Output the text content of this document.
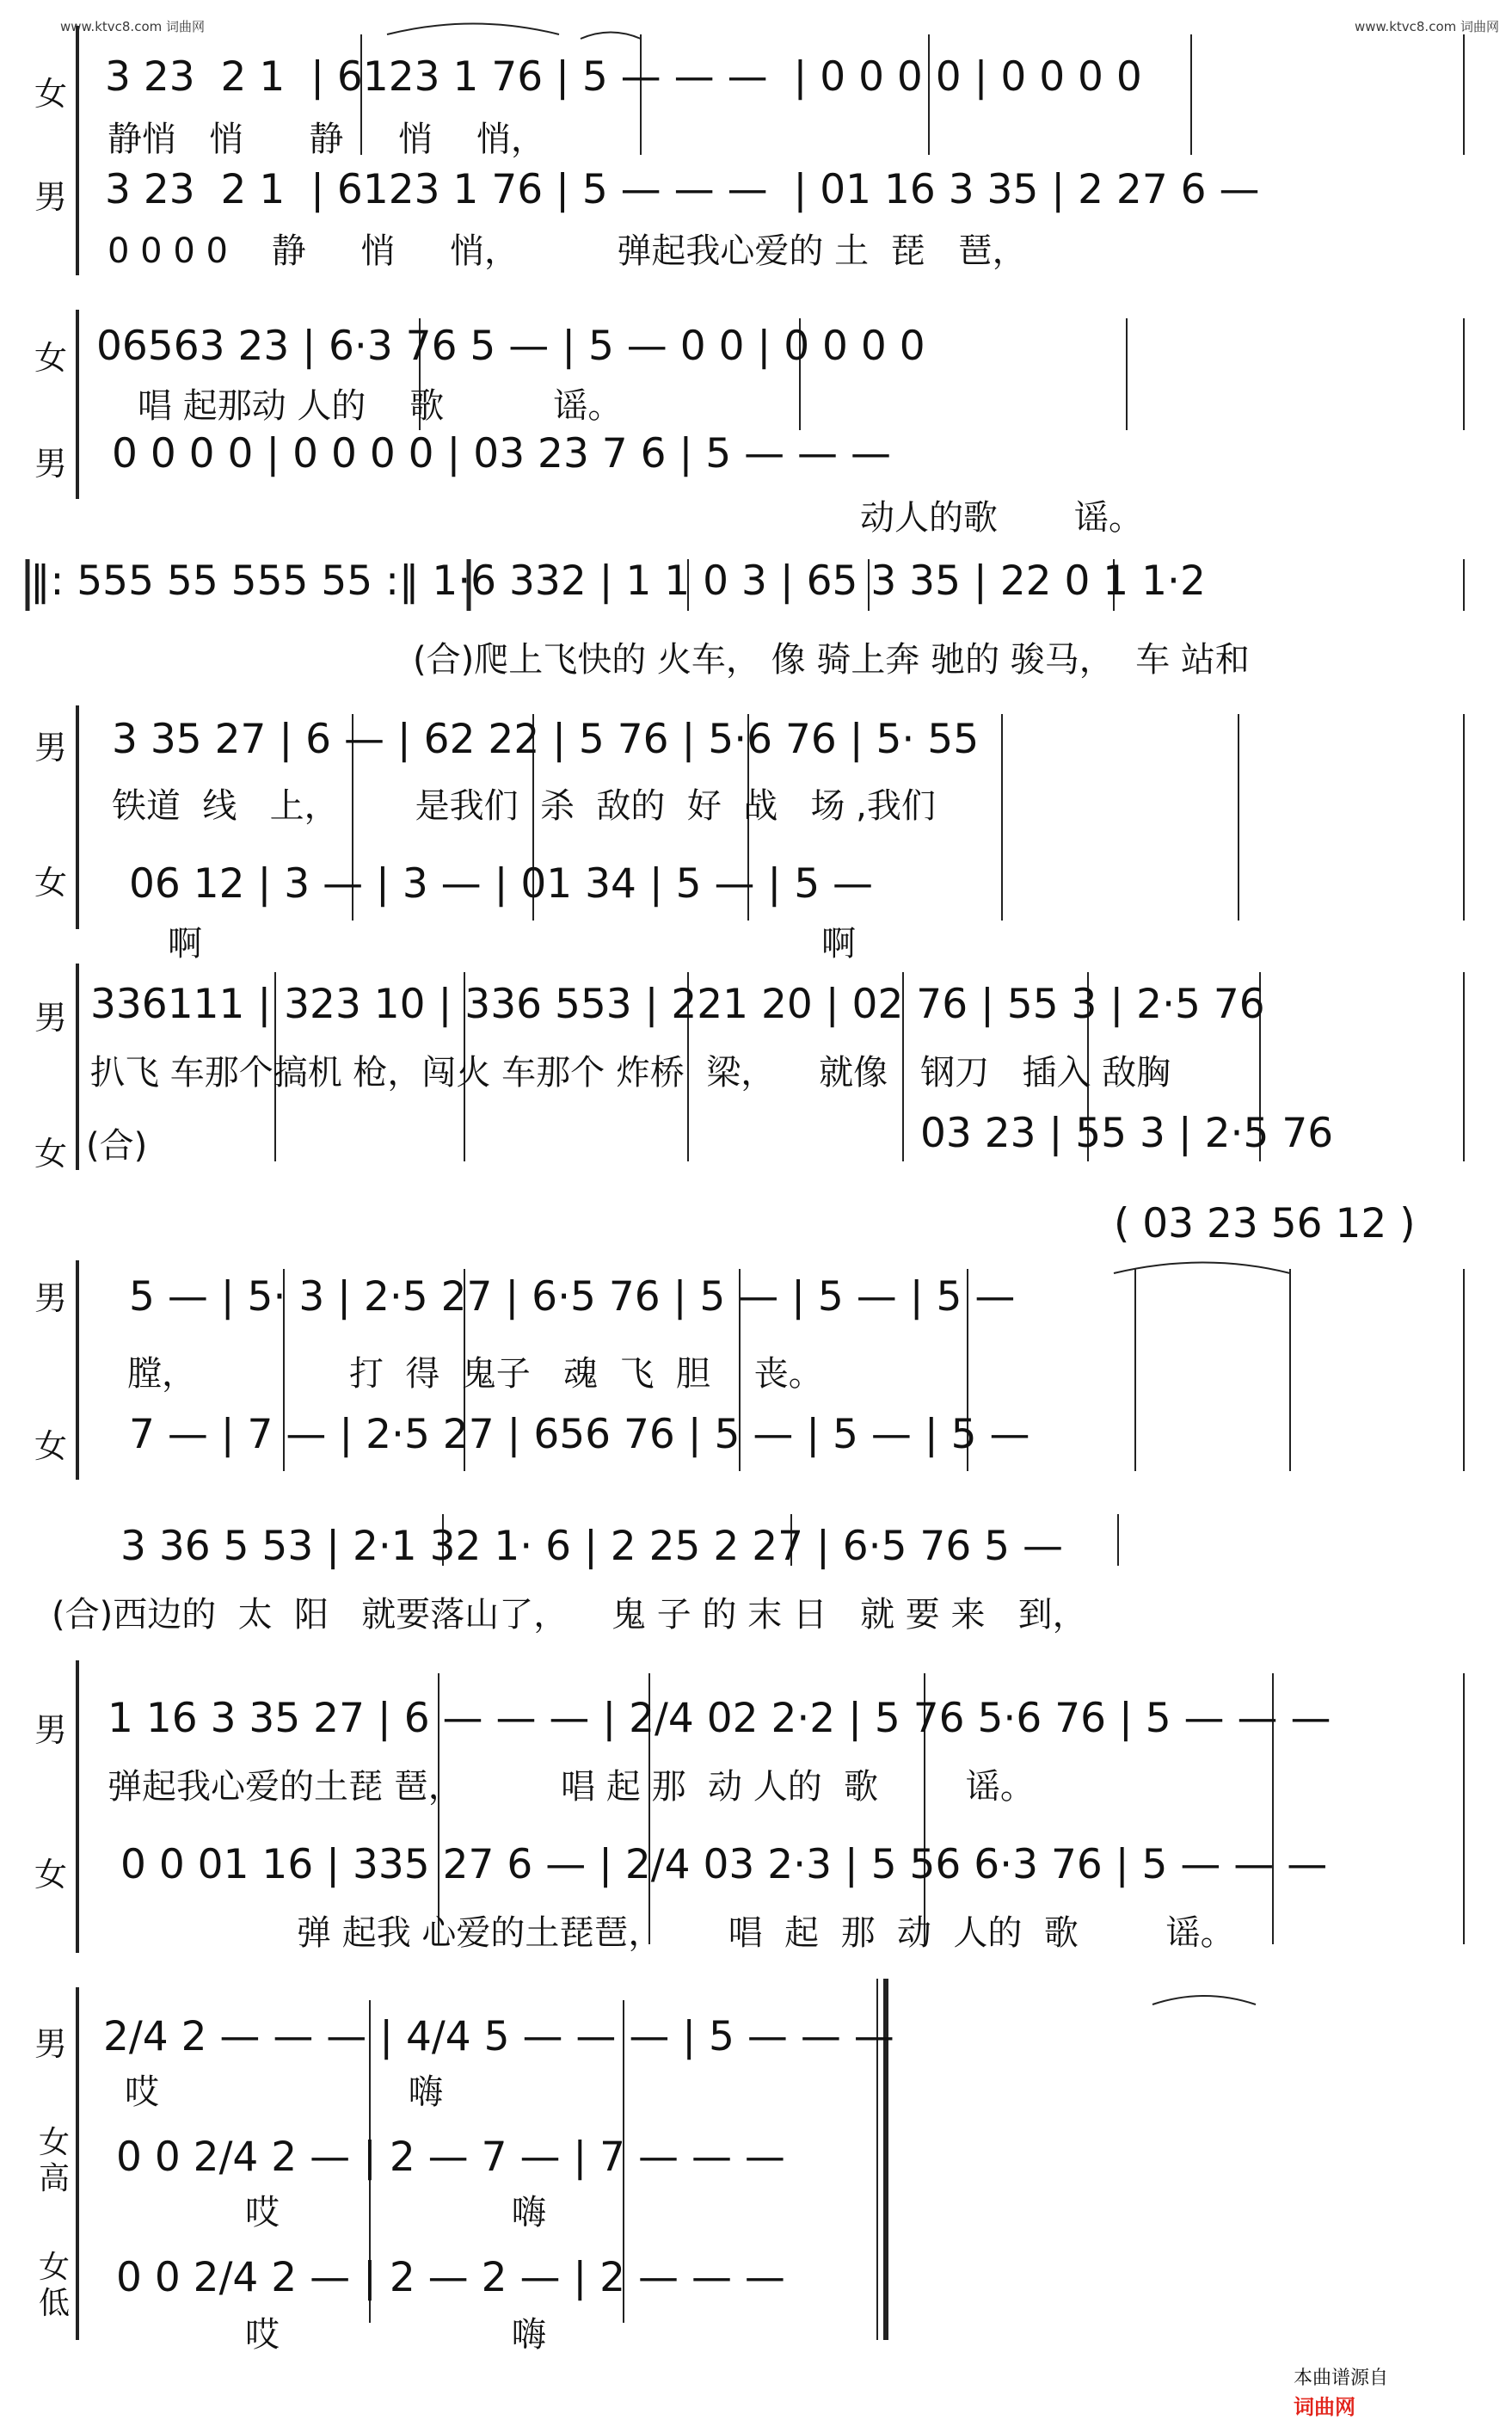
www.ktvc8.com 词曲网	www.ktvc8.com 词曲网
女 3 23  2 1  | 6123 1 76 | 5 — — —  | 0 0 0 0 | 0 0 0 0
静悄   悄      静     悄    悄，
男 3 23  2 1  | 6123 1 76 | 5 — — —  | 01 16 3 35 | 2 27 6 —
0 0 0 0    静     悄     悄，         弹起我心爱的 土  琵   琶，
女 06563 23 | 6·3 76 5 — | 5 — 0 0 | 0 0 0 0
唱 起那动 人的    歌          谣。
男 0 0 0 0 | 0 0 0 0 | 03 23 7 6 | 5 — — —
动人的歌       谣。
‖: 555 55 555 55 :‖ 1·6 332 | 1 1 0 3 | 65 3 35 | 22 0 1 1·2
(合)爬上飞快的 火车， 像 骑上奔 驰的 骏马，  车 站和
男 3 35 27 | 6 — | 62 22 | 5 76 | 5·6 76 | 5· 55
铁道  线   上，       是我们  杀  敌的  好  战   场 ,我们
女 06 12 | 3 — | 3 — | 01 34 | 5 — | 5 —
啊	啊
男 336111 | 323 10 | 336 553 | 221 20 | 02 76 | 55 3 | 2·5 76
扒飞 车那个搞机 枪，闯火 车那个 炸桥  梁，    就像   钢刀   插入 敌胸
女 (合)	03 23 | 55 3 | 2·5 76
( 03 23 56 12 )
男 5 — | 5· 3 | 2·5 27 | 6·5 76 | 5 — | 5 — | 5 —
膛，              打  得  鬼子   魂  飞  胆    丧。
女 7 — | 7 — | 2·5 27 | 656 76 | 5 — | 5 — | 5 —
3 36 5 53 | 2·1 32 1· 6 | 2 25 2 27 | 6·5 76 5 —
(合)西边的  太  阳   就要落山了，    鬼 子 的 末 日   就 要 来   到，
男 1 16 3 35 27 | 6 — — — | 2/4 02 2·2 | 5 76 5·6 76 | 5 — — —
弹起我心爱的土琵 琶，         唱 起 那  动 人的  歌        谣。
女 0 0 01 16 | 335 27 6 — | 2/4 03 2·3 | 5 56 6·3 76 | 5 — — —
弹 起我 心爱的土琵琶，      唱  起  那  动  人的  歌        谣。
男 2/4 2 — — — | 4/4 5 — — — | 5 — — —
哎	嗨
女
高 0 0 2/4 2 — | 2 — 7 — | 7 — — —
哎	嗨
女
低
0 0 2/4 2 — | 2 — 2 — | 2 — — —
哎	嗨

本曲谱源自
词曲网
